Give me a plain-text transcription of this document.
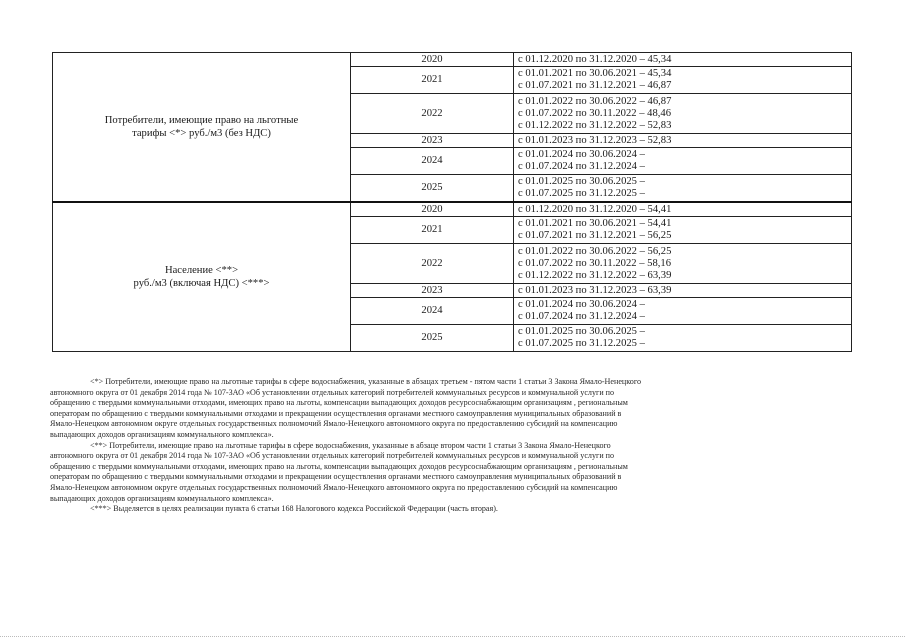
Потребители, имеющие право на льготные
тарифы <*> руб./м3 (без НДС)	2020	с 01.12.2020 по 31.12.2020 – 45,34

	2021	с 01.01.2021 по 30.06.2021 – 45,34
с 01.07.2021 по 31.12.2021 – 46,87

	2022	с 01.01.2022 по 30.06.2022 – 46,87
с 01.07.2022 по 30.11.2022 – 48,46
с 01.12.2022 по 31.12.2022 – 52,83

	2023	с 01.01.2023 по 31.12.2023 – 52,83

	2024	с 01.01.2024 по 30.06.2024 –
с 01.07.2024 по 31.12.2024 –

	2025	с 01.01.2025 по 30.06.2025 –
с 01.07.2025 по 31.12.2025 –

Население <**>
руб./м3 (включая НДС) <***>	2020	с 01.12.2020 по 31.12.2020 – 54,41

	2021	с 01.01.2021 по 30.06.2021 – 54,41
с 01.07.2021 по 31.12.2021 – 56,25

	2022	с 01.01.2022 по 30.06.2022 – 56,25
с 01.07.2022 по 30.11.2022 – 58,16
с 01.12.2022 по 31.12.2022 – 63,39

	2023	с 01.01.2023 по 31.12.2023 – 63,39

	2024	с 01.01.2024 по 30.06.2024 –
с 01.07.2024 по 31.12.2024 –

	2025	с 01.01.2025 по 30.06.2025 –
с 01.07.2025 по 31.12.2025 –

<*> Потребители, имеющие право на льготные тарифы в сфере водоснабжения, указанные в абзацах третьем - пятом части 1 статьи 3 Закона Ямало-Ненецкого
автономного округа от 01 декабря 2014 года № 107-ЗАО «Об установлении отдельных категорий потребителей коммунальных ресурсов и коммунальной услуги по
обращению с твердыми коммунальными отходами, имеющих право на льготы, компенсации выпадающих доходов ресурсоснабжающим организациям , региональным
операторам по обращению с твердыми коммунальными отходами и прекращении осуществления органами местного самоуправления муниципальных образований в
Ямало-Ненецком автономном округе отдельных государственных полномочий Ямало-Ненецкого автономного округа по предоставлению субсидий на компенсацию
выпадающих доходов организациям коммунального комплекса».

<**> Потребители, имеющие право на льготные тарифы в сфере водоснабжения, указанные в абзаце втором части 1 статьи 3 Закона Ямало-Ненецкого
автономного округа от 01 декабря 2014 года № 107-ЗАО «Об установлении отдельных категорий потребителей коммунальных ресурсов и коммунальной услуги по
обращению с твердыми коммунальными отходами, имеющих право на льготы, компенсации выпадающих доходов ресурсоснабжающим организациям , региональным
операторам по обращению с твердыми коммунальными отходами и прекращении осуществления органами местного самоуправления муниципальных образований в
Ямало-Ненецком автономном округе отдельных государственных полномочий Ямало-Ненецкого автономного округа по предоставлению субсидий на компенсацию
выпадающих доходов организациям коммунального комплекса».

<***> Выделяется в целях реализации пункта 6 статьи 168 Налогового кодекса Российской Федерации (часть вторая).
